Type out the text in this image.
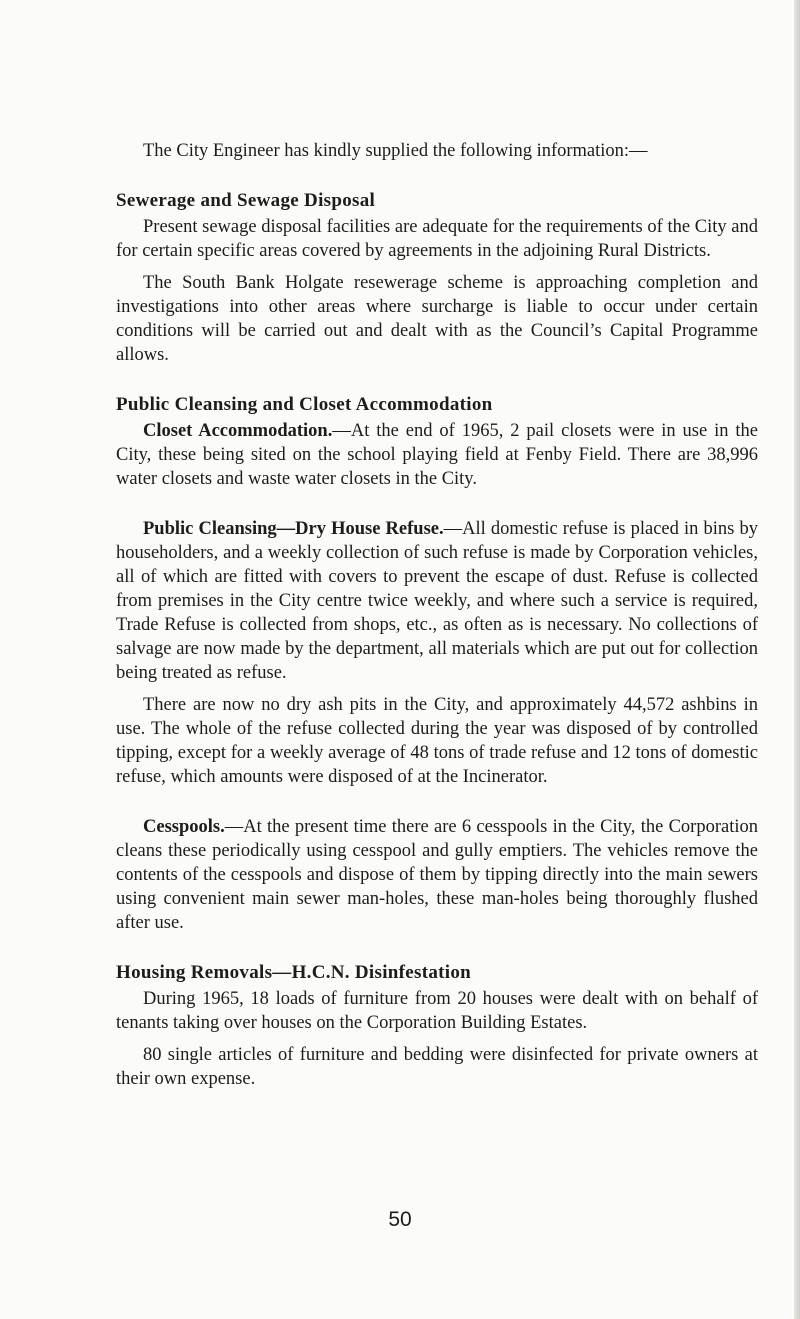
The City Engineer has kindly supplied the following information:—

Sewerage and Sewage Disposal

Present sewage disposal facilities are adequate for the requirements of the City and for certain specific areas covered by agreements in the adjoining Rural Districts.

The South Bank Holgate resewerage scheme is approaching completion and investigations into other areas where surcharge is liable to occur under certain conditions will be carried out and dealt with as the Council’s Capital Programme allows.

Public Cleansing and Closet Accommodation

Closet Accommodation.—At the end of 1965, 2 pail closets were in use in the City, these being sited on the school playing field at Fenby Field. There are 38,996 water closets and waste water closets in the City.

Public Cleansing—Dry House Refuse.—All domestic refuse is placed in bins by householders, and a weekly collection of such refuse is made by Corporation vehicles, all of which are fitted with covers to prevent the escape of dust. Refuse is collected from premises in the City centre twice weekly, and where such a service is required, Trade Refuse is collected from shops, etc., as often as is necessary. No collections of salvage are now made by the department, all materials which are put out for collection being treated as refuse.

There are now no dry ash pits in the City, and approximately 44,572 ashbins in use. The whole of the refuse collected during the year was disposed of by controlled tipping, except for a weekly average of 48 tons of trade refuse and 12 tons of domestic refuse, which amounts were disposed of at the Incinerator.

Cesspools.—At the present time there are 6 cesspools in the City, the Corporation cleans these periodically using cesspool and gully emptiers. The vehicles remove the contents of the cesspools and dispose of them by tipping directly into the main sewers using convenient main sewer man-holes, these man-holes being thoroughly flushed after use.

Housing Removals—H.C.N. Disinfestation

During 1965, 18 loads of furniture from 20 houses were dealt with on behalf of tenants taking over houses on the Corporation Building Estates.

80 single articles of furniture and bedding were disinfected for private owners at their own expense.

50
